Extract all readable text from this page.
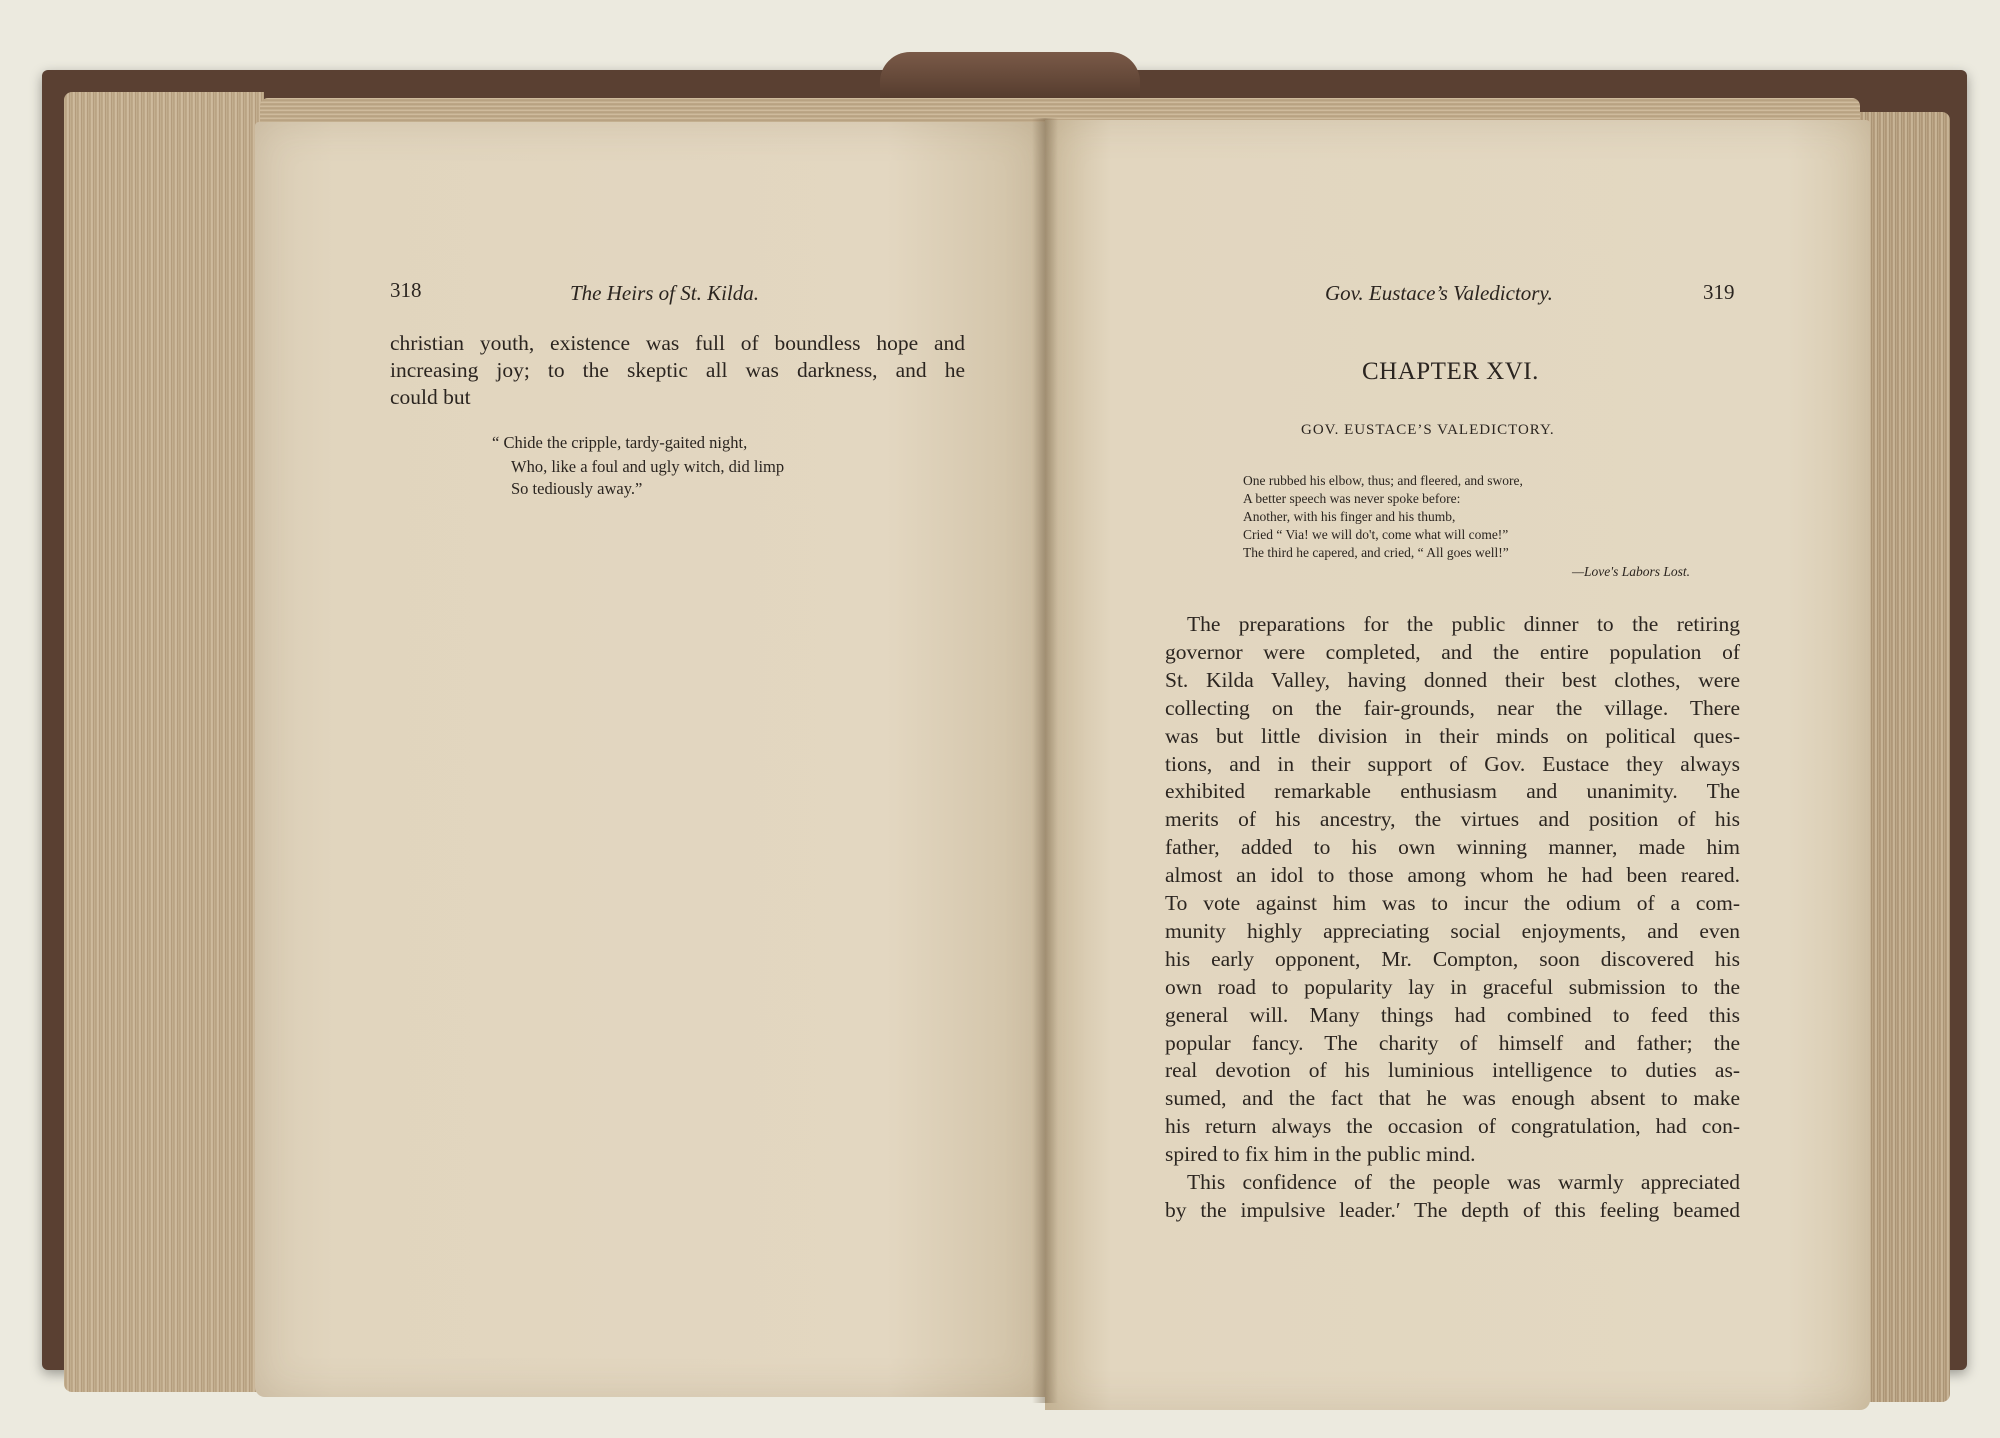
318	The Heirs of St. Kilda.
christian youth, existence was full of boundless hope and
increasing joy; to the skeptic all was darkness, and he
could but
“ Chide the cripple, tardy-gaited night,
Who, like a foul and ugly witch, did limp
So tediously away.”
Gov. Eustace’s Valedictory.	319
CHAPTER XVI.
GOV. EUSTACE’S VALEDICTORY.
One rubbed his elbow, thus; and fleered, and swore,
A better speech was never spoke before:
Another, with his finger and his thumb,
Cried “ Via! we will do't, come what will come!”
The third he capered, and cried, “ All goes well!”
—Love's Labors Lost.
The preparations for the public dinner to the retiring
governor were completed, and the entire population of
St. Kilda Valley, having donned their best clothes, were
collecting on the fair-grounds, near the village. There
was but little division in their minds on political ques-
tions, and in their support of Gov. Eustace they always
exhibited remarkable enthusiasm and unanimity. The
merits of his ancestry, the virtues and position of his
father, added to his own winning manner, made him
almost an idol to those among whom he had been reared.
To vote against him was to incur the odium of a com-
munity highly appreciating social enjoyments, and even
his early opponent, Mr. Compton, soon discovered his
own road to popularity lay in graceful submission to the
general will. Many things had combined to feed this
popular fancy. The charity of himself and father; the
real devotion of his luminious intelligence to duties as-
sumed, and the fact that he was enough absent to make
his return always the occasion of congratulation, had con-
spired to fix him in the public mind.
This confidence of the people was warmly appreciated
by the impulsive leader.ʹ The depth of this feeling beamed
